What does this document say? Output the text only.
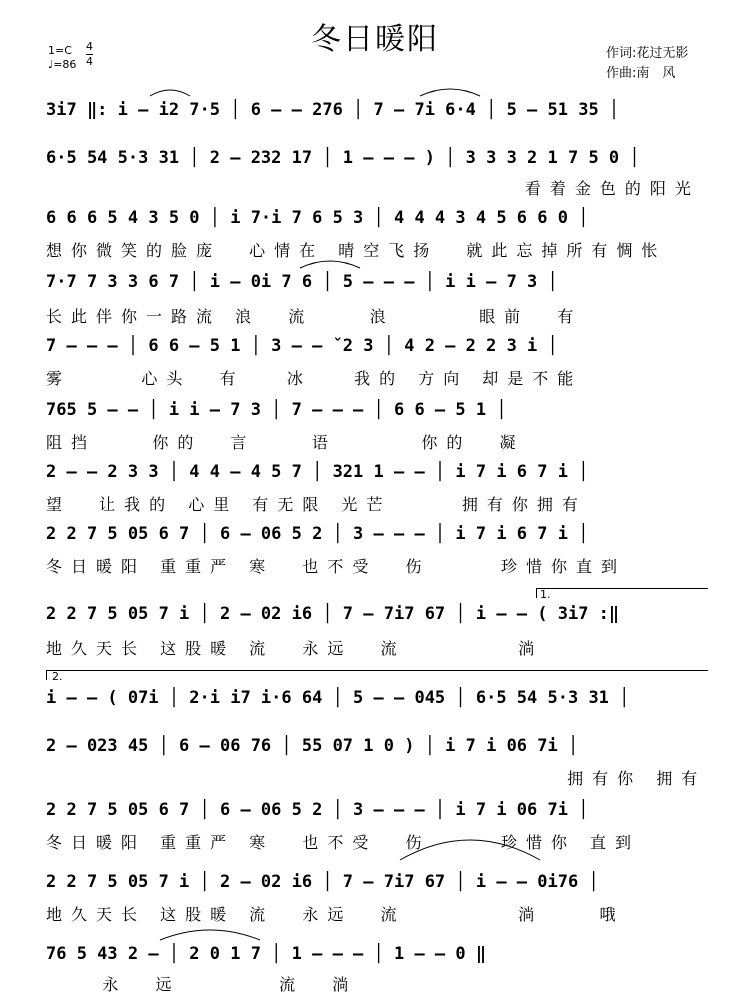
冬日暖阳
1=C
♩=86
4
4
作词:花过无影
作曲:南　风
3i7 ‖: i – i2 7·5 │ 6 – – 276 │ 7 – 7i 6·4 │ 5 – 51 35 │
6·5 54 5·3 31 │ 2 – 232 17 │ 1 – – – ) │ 3 3 3 2 1 7 5 0 │
看着金色的阳光
6 6 6 5 4 3 5 0 │ i 7·i 7 6 5 3 │ 4 4 4 3 4 5 6 6 0 │
想你微笑的脸庞  心情在 晴空飞扬  就此忘掉所有惆怅
7·7 7 3 3 6 7 │ i – 0i 7 6 │ 5 – – – │ i i – 7 3 │
长此伴你一路流 浪  流    浪      眼前  有
7 – – – │ 6 6 – 5 1 │ 3 – – ˇ2 3 │ 4 2 – 2 2 3 i │
雾     心头  有   冰   我的 方向 却是不能
765 5 – – │ i i – 7 3 │ 7 – – – │ 6 6 – 5 1 │
阻挡    你的  言    语      你的  凝
2 – – 2 3 3 │ 4 4 – 4 5 7 │ 321 1 – – │ i 7 i 6 7 i │
望  让我的 心里 有无限 光芒     拥有你拥有
2 2 7 5 05 6 7 │ 6 – 06 5 2 │ 3 – – – │ i 7 i 6 7 i │
冬日暖阳 重重严 寒  也不受  伤     珍惜你直到
2 2 7 5 05 7 i │ 2 – 02 i6 │ 7 – 7i7 67 │ i – – ( 3i7 :‖
地久天长 这股暖 流  永远  流        淌
i – – ( 07i │ 2·i i7 i·6 64 │ 5 – – 045 │ 6·5 54 5·3 31 │
2 – 023 45 │ 6 – 06 76 │ 55 07 1 0 ) │ i 7 i 06 7i │
拥有你 拥有
2 2 7 5 05 6 7 │ 6 – 06 5 2 │ 3 – – – │ i 7 i 06 7i │
冬日暖阳 重重严 寒  也不受  伤     珍惜你 直到
2 2 7 5 05 7 i │ 2 – 02 i6 │ 7 – 7i7 67 │ i – – 0i76 │
地久天长 这股暖 流  永远  流        淌    哦
76 5 43 2 – │ 2 0 1 7 │ 1 – – – │ 1 – – 0 ‖
永  远       流  淌
1.
2.
